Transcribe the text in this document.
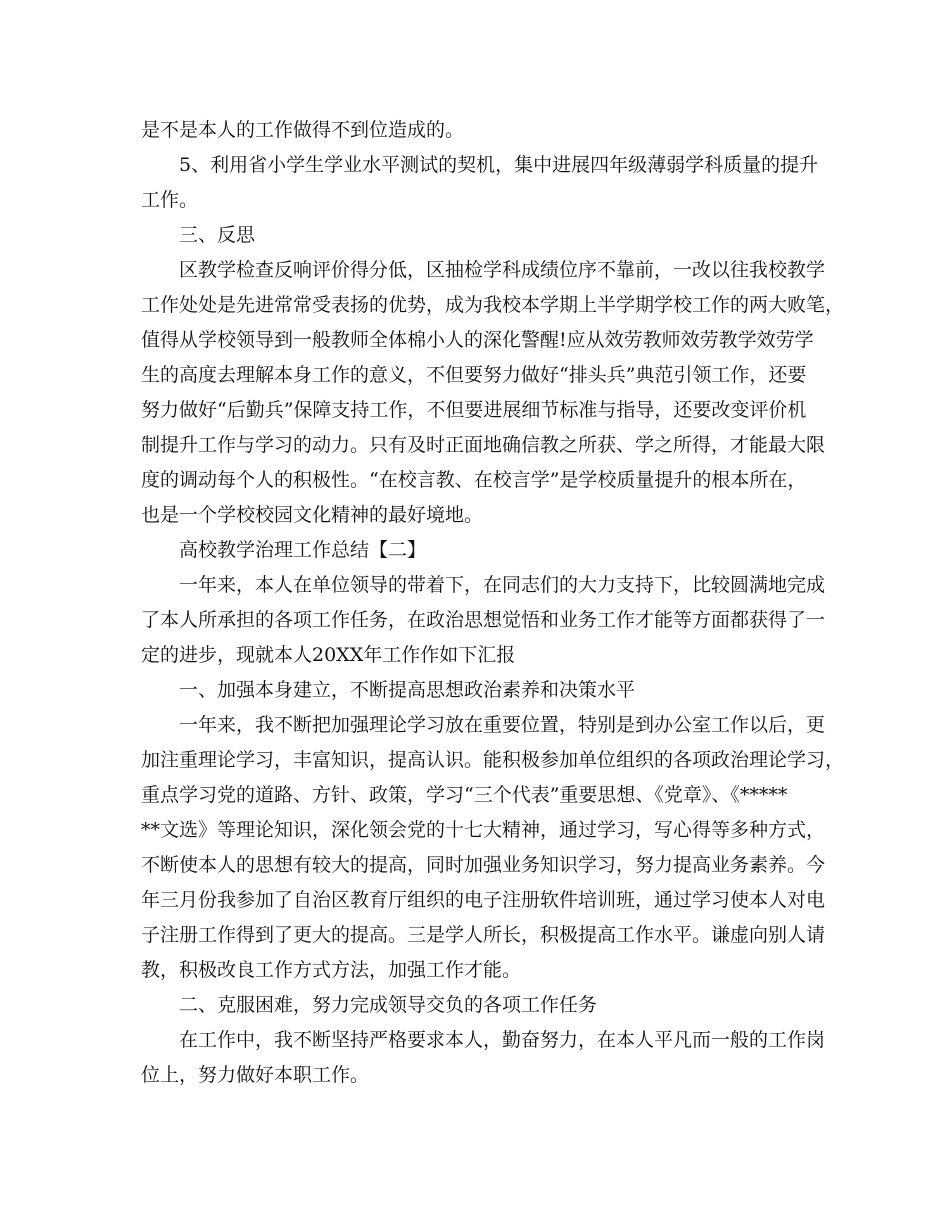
是不是本人的工作做得不到位造成的。
5、利用省小学生学业水平测试的契机，集中进展四年级薄弱学科质量的提升
工作。
三、反思
区教学检查反响评价得分低，区抽检学科成绩位序不靠前，一改以往我校教学
工作处处是先进常常受表扬的优势，成为我校本学期上半学期学校工作的两大败笔，
值得从学校领导到一般教师全体棉小人的深化警醒!应从效劳教师效劳教学效劳学
生的高度去理解本身工作的意义，不但要努力做好“排头兵”典范引领工作，还要
努力做好“后勤兵”保障支持工作，不但要进展细节标准与指导，还要改变评价机
制提升工作与学习的动力。只有及时正面地确信教之所获、学之所得，才能最大限
度的调动每个人的积极性。“在校言教、在校言学”是学校质量提升的根本所在，
也是一个学校校园文化精神的最好境地。
高校教学治理工作总结【二】
一年来，本人在单位领导的带着下，在同志们的大力支持下，比较圆满地完成
了本人所承担的各项工作任务，在政治思想觉悟和业务工作才能等方面都获得了一
定的进步，现就本人20XX年工作作如下汇报
一、加强本身建立，不断提高思想政治素养和决策水平
一年来，我不断把加强理论学习放在重要位置，特别是到办公室工作以后，更
加注重理论学习，丰富知识，提高认识。能积极参加单位组织的各项政治理论学习，
重点学习党的道路、方针、政策，学习“三个代表”重要思想、《党章》、《*****
**文选》等理论知识，深化领会党的十七大精神，通过学习，写心得等多种方式，
不断使本人的思想有较大的提高，同时加强业务知识学习，努力提高业务素养。今
年三月份我参加了自治区教育厅组织的电子注册软件培训班，通过学习使本人对电
子注册工作得到了更大的提高。三是学人所长，积极提高工作水平。谦虚向别人请
教，积极改良工作方式方法，加强工作才能。
二、克服困难，努力完成领导交负的各项工作任务
在工作中，我不断坚持严格要求本人，勤奋努力，在本人平凡而一般的工作岗
位上，努力做好本职工作。
